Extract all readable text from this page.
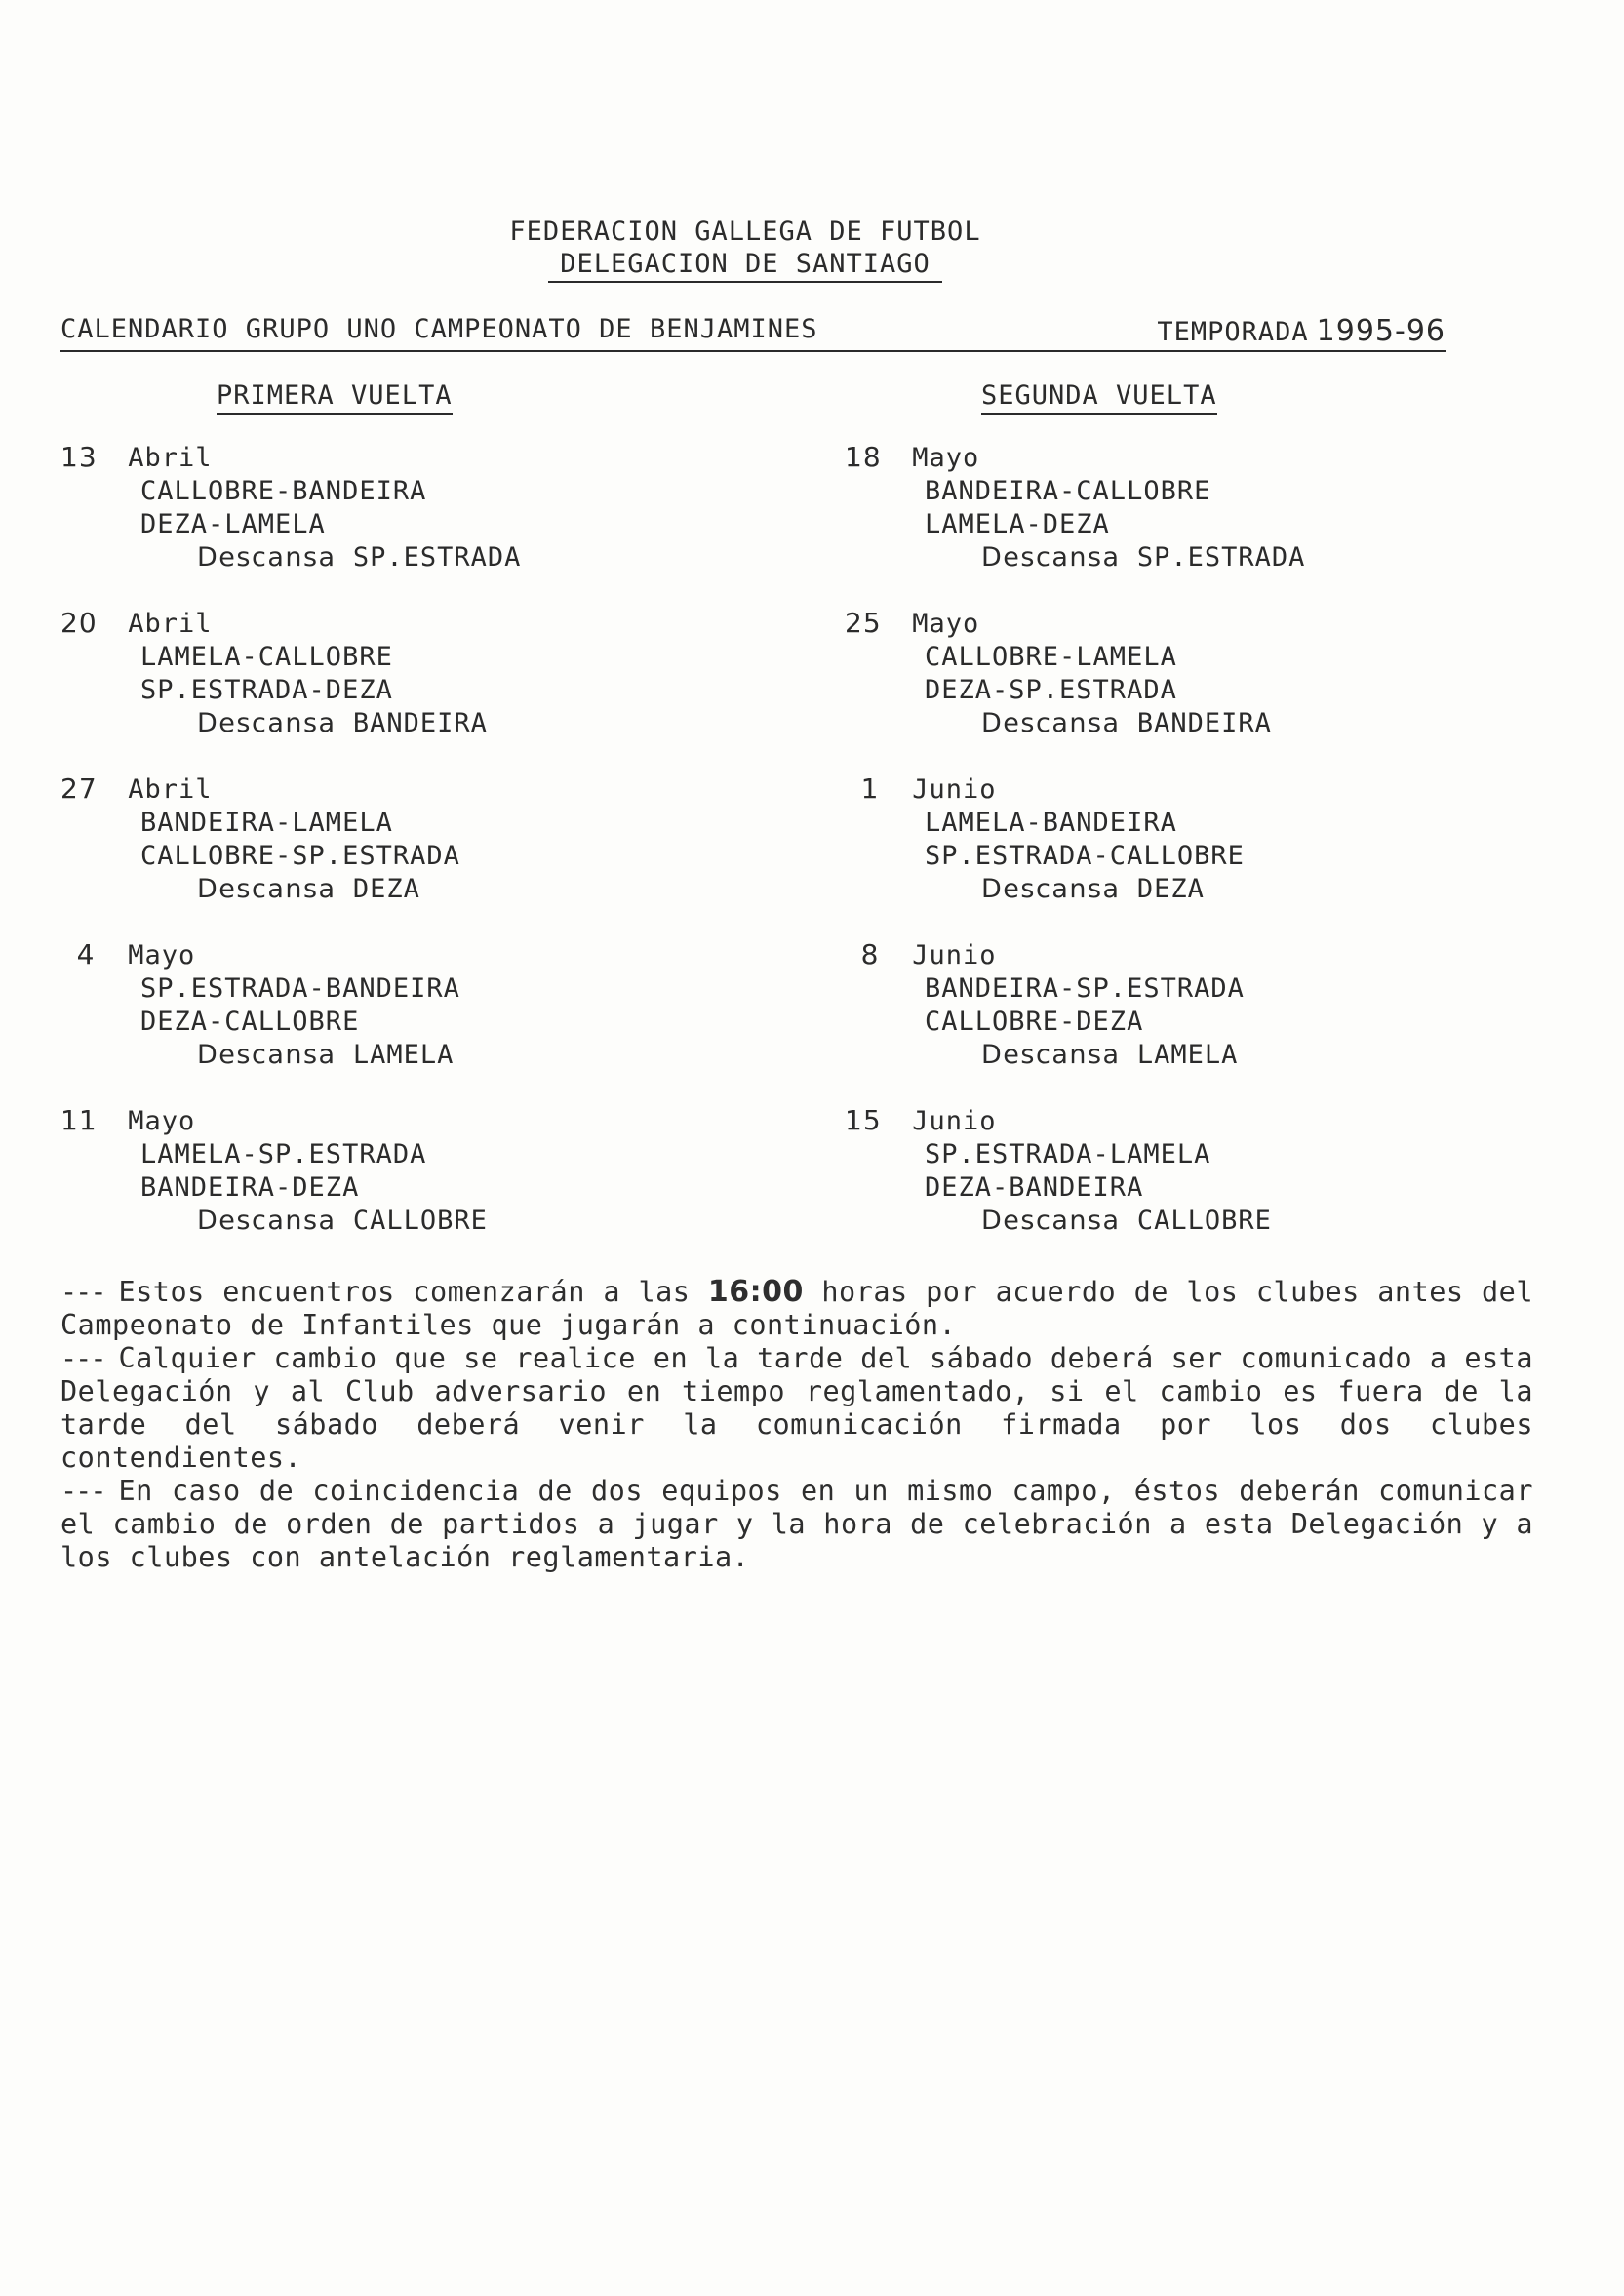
FEDERACION GALLEGA DE FUTBOL
DELEGACION DE SANTIAGO
CALENDARIO GRUPO UNO CAMPEONATO DE BENJAMINES	TEMPORADA 1995-96
PRIMERA VUELTA	SEGUNDA VUELTA
13 Abril
CALLOBRE-BANDEIRA
DEZA-LAMELA
Descansa SP.ESTRADA
20 Abril
LAMELA-CALLOBRE
SP.ESTRADA-DEZA
Descansa BANDEIRA
27 Abril
BANDEIRA-LAMELA
CALLOBRE-SP.ESTRADA
Descansa DEZA
4 Mayo
SP.ESTRADA-BANDEIRA
DEZA-CALLOBRE
Descansa LAMELA
11 Mayo
LAMELA-SP.ESTRADA
BANDEIRA-DEZA
Descansa CALLOBRE
18 Mayo
BANDEIRA-CALLOBRE
LAMELA-DEZA
Descansa SP.ESTRADA
25 Mayo
CALLOBRE-LAMELA
DEZA-SP.ESTRADA
Descansa BANDEIRA
1 Junio
LAMELA-BANDEIRA
SP.ESTRADA-CALLOBRE
Descansa DEZA
8 Junio
BANDEIRA-SP.ESTRADA
CALLOBRE-DEZA
Descansa LAMELA
15 Junio
SP.ESTRADA-LAMELA
DEZA-BANDEIRA
Descansa CALLOBRE

--- Estos encuentros comenzarán a las 16:00 horas por acuerdo de los clubes antes del Campeonato de Infantiles que jugarán a continuación.

--- Calquier cambio que se realice en la tarde del sábado deberá ser comunicado a esta Delegación y al Club adversario en tiempo reglamentado, si el cambio es fuera de la tarde del sábado deberá venir la comunicación firmada por los dos clubes contendientes.

--- En caso de coincidencia de dos equipos en un mismo campo, éstos deberán comunicar el cambio de orden de partidos a jugar y la hora de celebración a esta Delegación y a los clubes con antelación reglamentaria.
